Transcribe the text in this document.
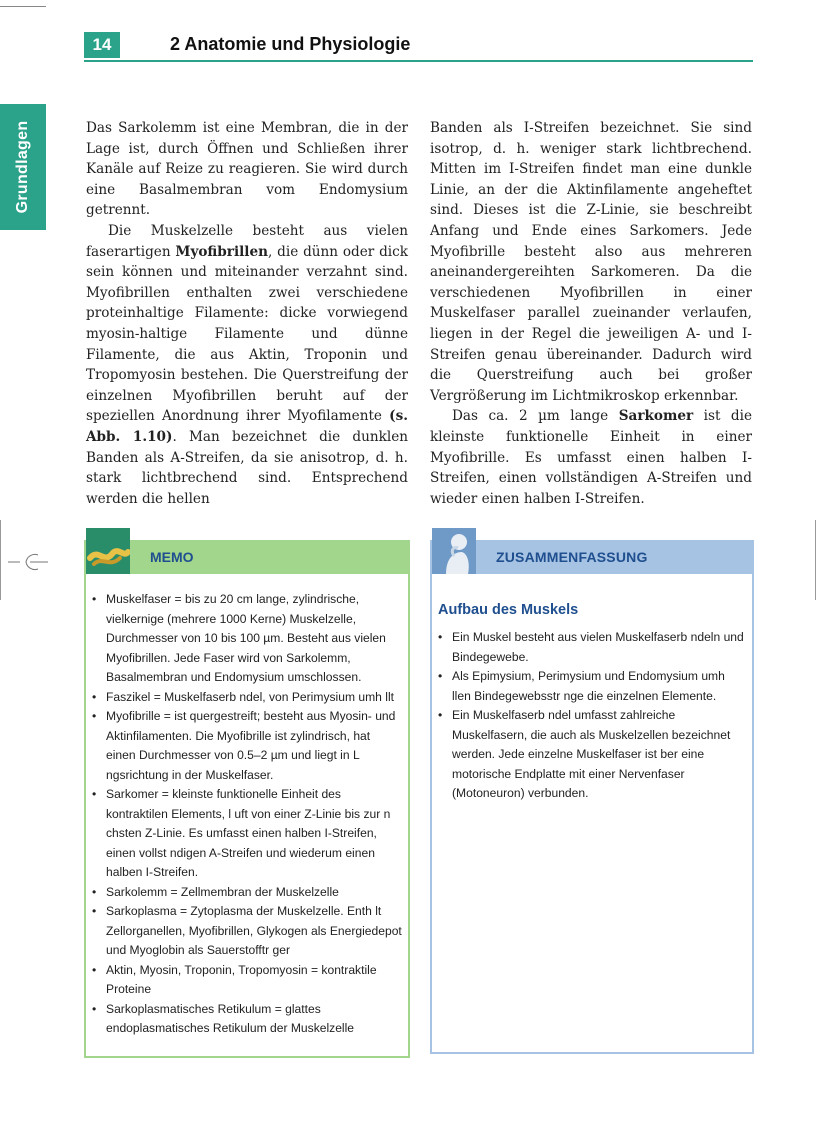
14	2 Anatomie und Physiologie
Grundlagen	Das Sarkolemm ist eine Membran, die in der Lage ist, durch Öffnen und Schließen ihrer Kanäle auf Reize zu reagieren. Sie wird durch eine Basalmembran vom Endomysium getrennt.

Die Muskelzelle besteht aus vielen faserartigen Myofibrillen, die dünn oder dick sein können und miteinander verzahnt sind. Myofibrillen enthalten zwei verschiedene proteinhaltige Filamente: dicke vorwiegend myosin-haltige Filamente und dünne Filamente, die aus Aktin, Troponin und Tropomyosin bestehen. Die Querstreifung der einzelnen Myofibrillen beruht auf der speziellen Anordnung ihrer Myofilamente (s. Abb. 1.10). Man bezeichnet die dunklen Banden als A-Streifen, da sie anisotrop, d. h. stark lichtbrechend sind. Entsprechend werden die hellen

Banden als I-Streifen bezeichnet. Sie sind isotrop, d. h. weniger stark lichtbrechend. Mitten im I-Streifen findet man eine dunkle Linie, an der die Aktinfilamente angeheftet sind. Dieses ist die Z-Linie, sie beschreibt Anfang und Ende eines Sarkomers. Jede Myofibrille besteht also aus mehreren aneinandergereihten Sarkomeren. Da die verschiedenen Myofibrillen in einer Muskelfaser parallel zueinander verlaufen, liegen in der Regel die jeweiligen A- und I-Streifen genau übereinander. Dadurch wird die Querstreifung auch bei großer Vergrößerung im Lichtmikroskop erkennbar.

Das ca. 2 µm lange Sarkomer ist die kleinste funktionelle Einheit in einer Myofibrille. Es umfasst einen halben I-Streifen, einen vollständigen A-Streifen und wieder einen halben I-Streifen.

MEMO
• Muskelfaser = bis zu 20 cm lange, zylindrische, vielkernige (mehrere 1000 Kerne) Muskelzelle, Durchmesser von 10 bis 100 µm. Besteht aus vielen Myofibrillen. Jede Faser wird von Sarkolemm, Basalmembran und Endomysium umschlossen.
• Faszikel = Muskelfaserb ndel, von Perimysium umh llt
• Myofibrille = ist quergestreift; besteht aus Myosin- und Aktinfilamenten. Die Myofibrille ist zylindrisch, hat einen Durchmesser von 0.5–2 µm und liegt in L ngsrichtung in der Muskelfaser.
• Sarkomer = kleinste funktionelle Einheit des kontraktilen Elements, l uft von einer Z-Linie bis zur n chsten Z-Linie. Es umfasst einen halben I-Streifen, einen vollst ndigen A-Streifen und wiederum einen halben I-Streifen.
• Sarkolemm = Zellmembran der Muskelzelle
• Sarkoplasma = Zytoplasma der Muskelzelle. Enth lt Zellorganellen, Myofibrillen, Glykogen als Energiedepot und Myoglobin als Sauerstofftr ger
• Aktin, Myosin, Troponin, Tropomyosin = kontraktile Proteine
• Sarkoplasmatisches Retikulum = glattes endoplasmatisches Retikulum der Muskelzelle
ZUSAMMENFASSUNG
Aufbau des Muskels
• Ein Muskel besteht aus vielen Muskelfaserb ndeln und Bindegewebe.
• Als Epimysium, Perimysium und Endomysium umh llen Bindegewebsstr nge die einzelnen Elemente.
• Ein Muskelfaserb ndel umfasst zahlreiche Muskelfasern, die auch als Muskelzellen bezeichnet werden. Jede einzelne Muskelfaser ist ber eine motorische Endplatte mit einer Nervenfaser (Motoneuron) verbunden.
